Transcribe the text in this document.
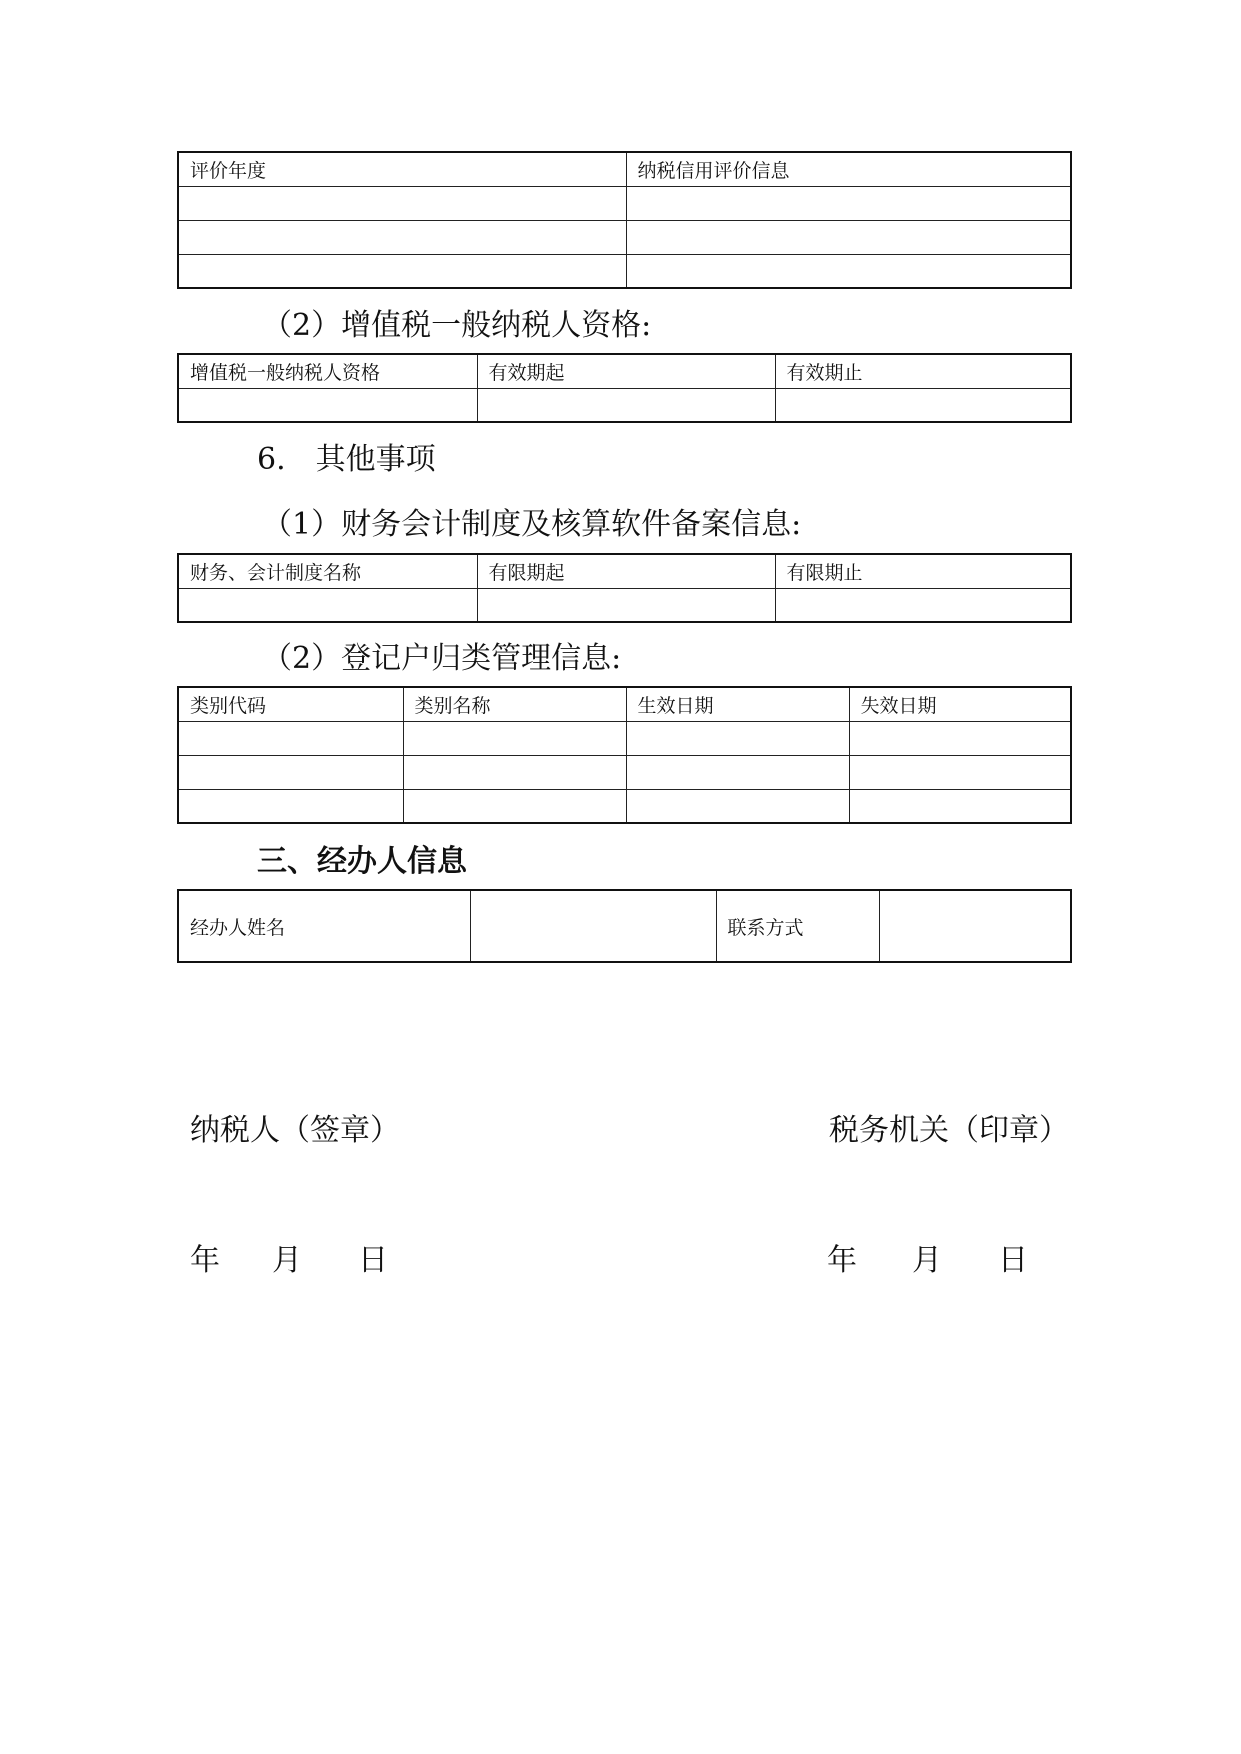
评价年度	纳税信用评价信息

（2）增值税一般纳税人资格:
增值税一般纳税人资格	有效期起	有效期止

6.　其他事项
（1）财务会计制度及核算软件备案信息:
财务、会计制度名称	有限期起	有限期止

（2）登记户归类管理信息:
类别代码	类别名称	生效日期	失效日期

三、经办人信息
经办人姓名		联系方式	
纳税人（签章）	税务机关（印章）
年 月 日	年 月 日
